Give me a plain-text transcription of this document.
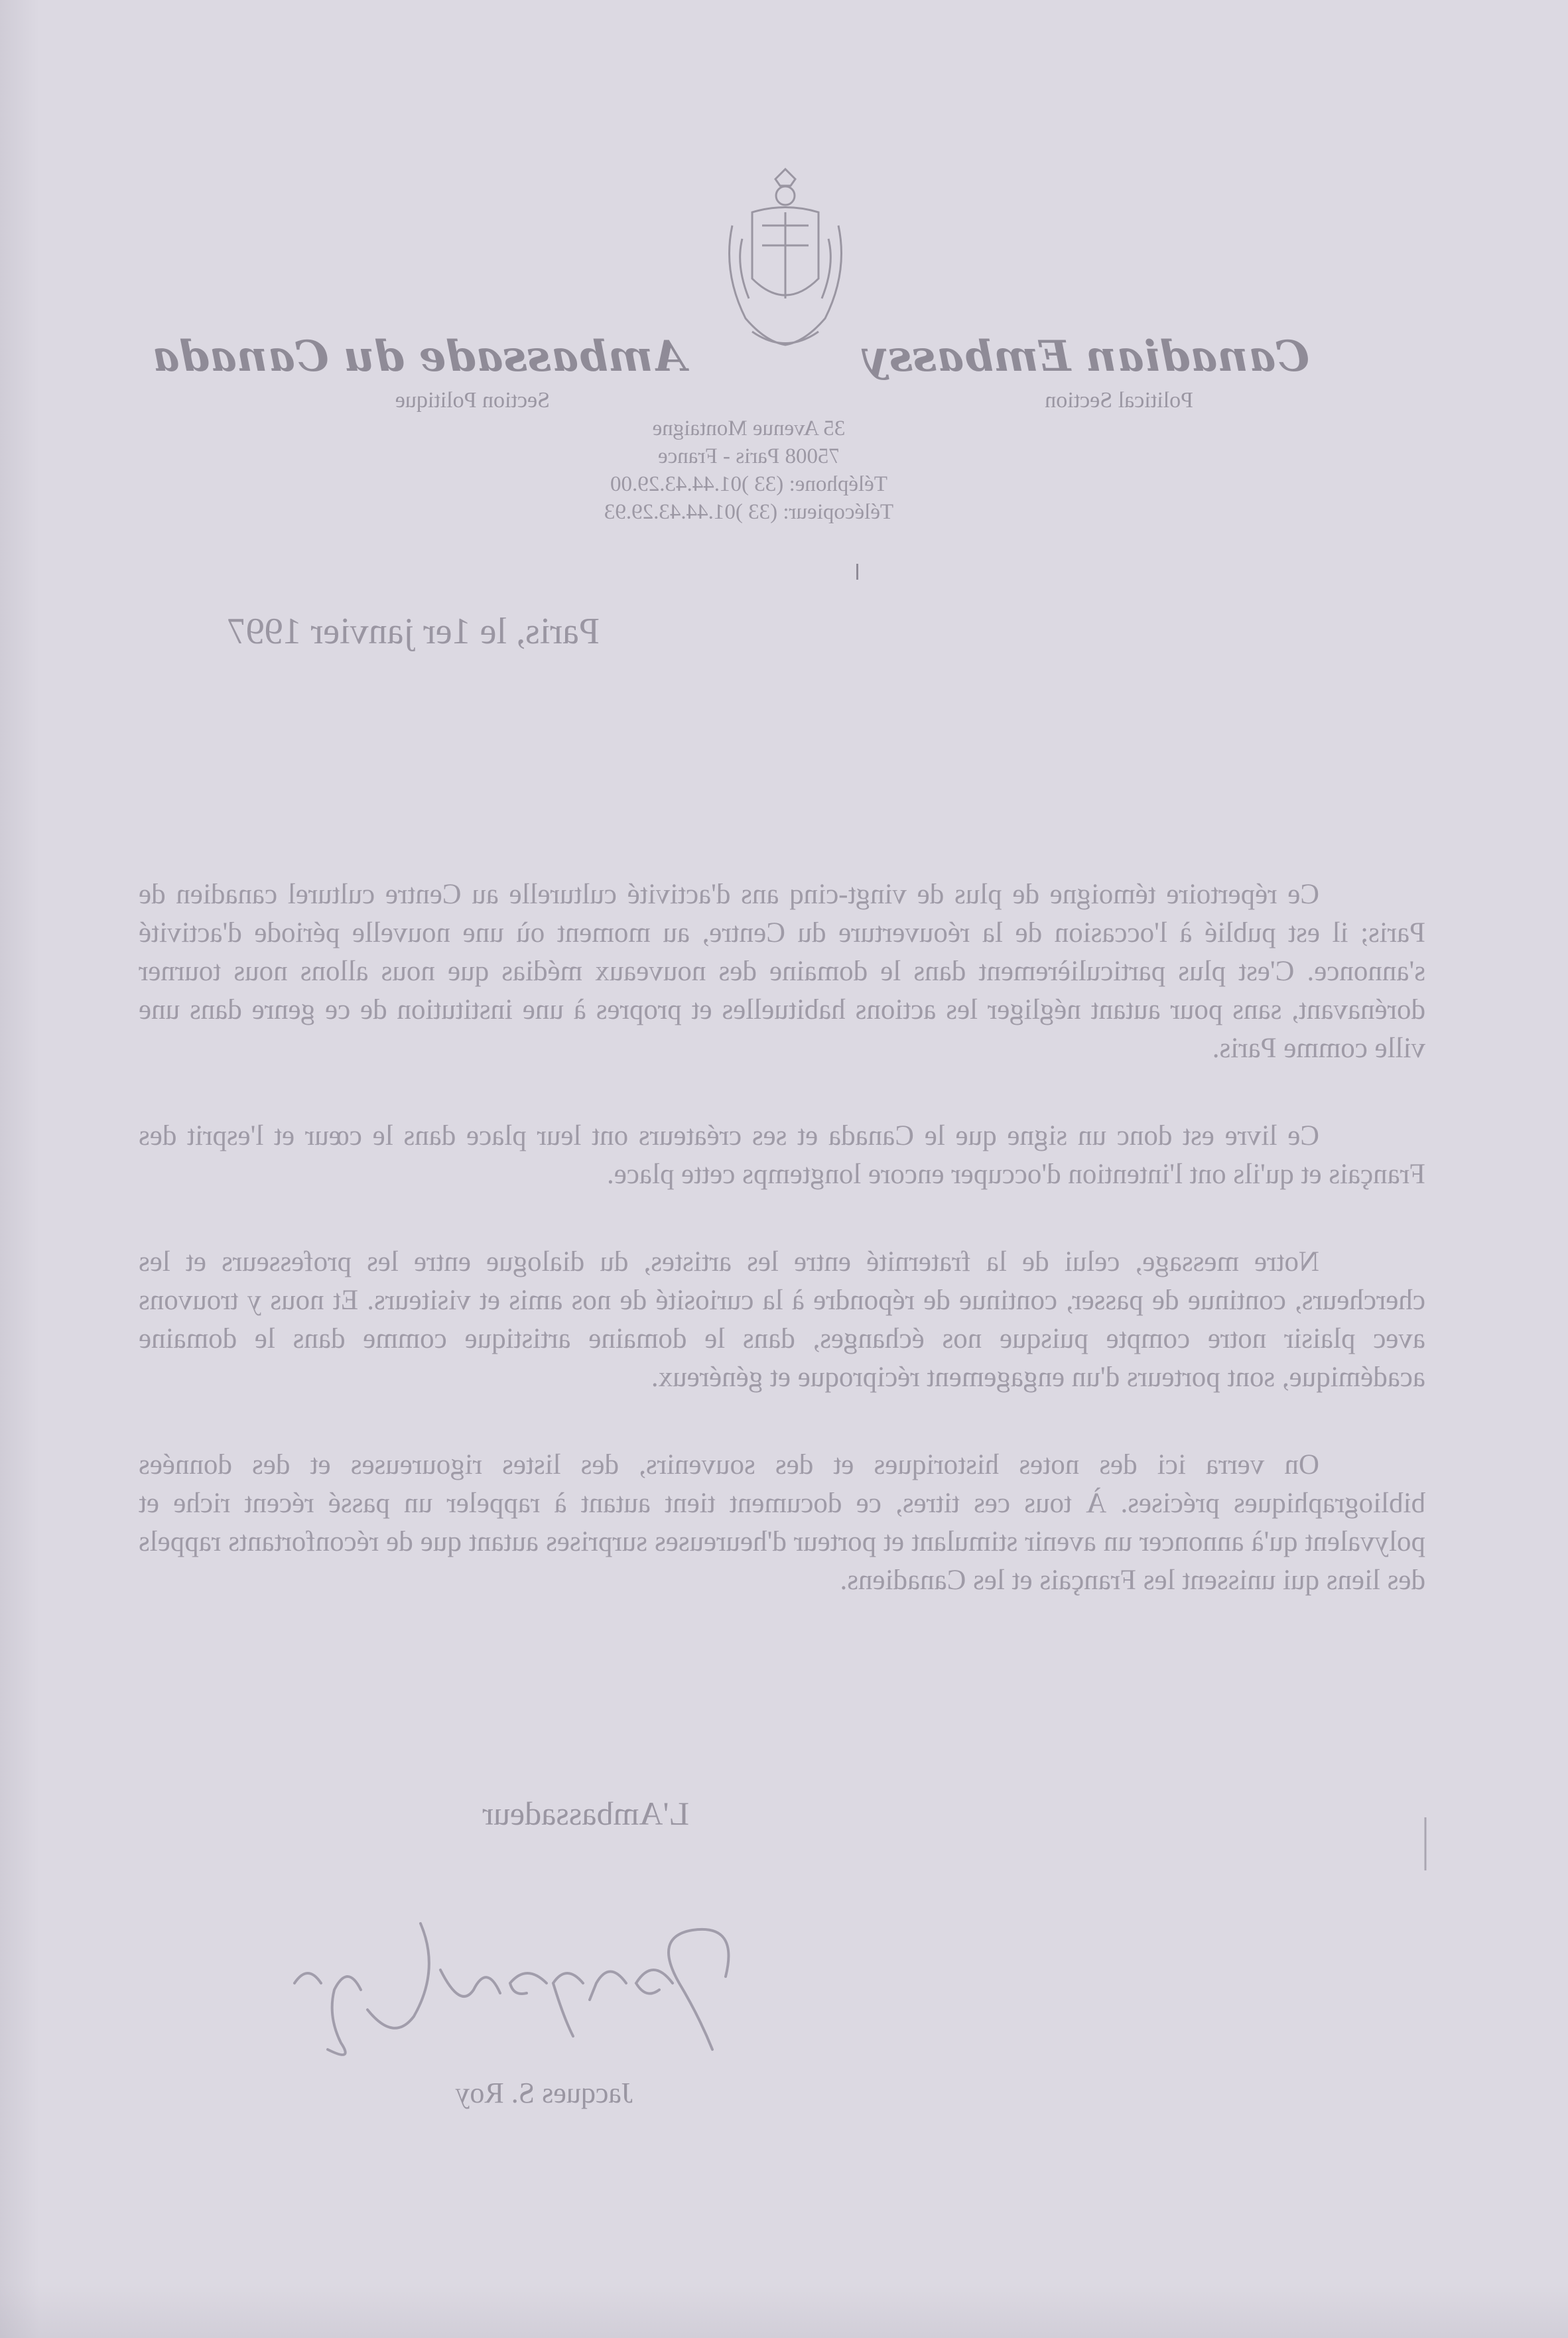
Canadian Embassy
Ambassade du Canada
Political Section
Section Politique
35 Avenue Montaigne
75008 Paris - France
Téléphone: (33 )01.44.43.29.00
Télécopieur: (33 )01.44.43.29.93
Paris, le 1er janvier 1997

Ce répertoire témoigne de plus de vingt-cinq ans d'activité culturelle au Centre culturel canadien de Paris; il est publié à l'occasion de la réouverture du Centre, au moment où une nouvelle période d'activité s'annonce. C'est plus particulièrement dans le domaine des nouveaux médias que nous allons nous tourner dorénavant, sans pour autant négliger les actions habituelles et propres à une institution de ce genre dans une ville comme Paris.

Ce livre est donc un signe que le Canada et ses créateurs ont leur place dans le cœur et l'esprit des Français et qu'ils ont l'intention d'occuper encore longtemps cette place.

Notre message, celui de la fraternité entre les artistes, du dialogue entre les professeurs et les chercheurs, continue de passer, continue de répondre à la curiosité de nos amis et visiteurs. Et nous y trouvons avec plaisir notre compte puisque nos échanges, dans le domaine artistique comme dans le domaine académique, sont porteurs d'un engagement réciproque et généreux.

On verra ici des notes historiques et des souvenirs, des listes rigoureuses et des données bibliographiques précises. À tous ces titres, ce document tient autant à rappeler un passé récent riche et polyvalent qu'à annoncer un avenir stimulant et porteur d'heureuses surprises autant que de réconfortants rappels des liens qui unissent les Français et les Canadiens.

L'Ambassadeur
Jacques S. Roy
